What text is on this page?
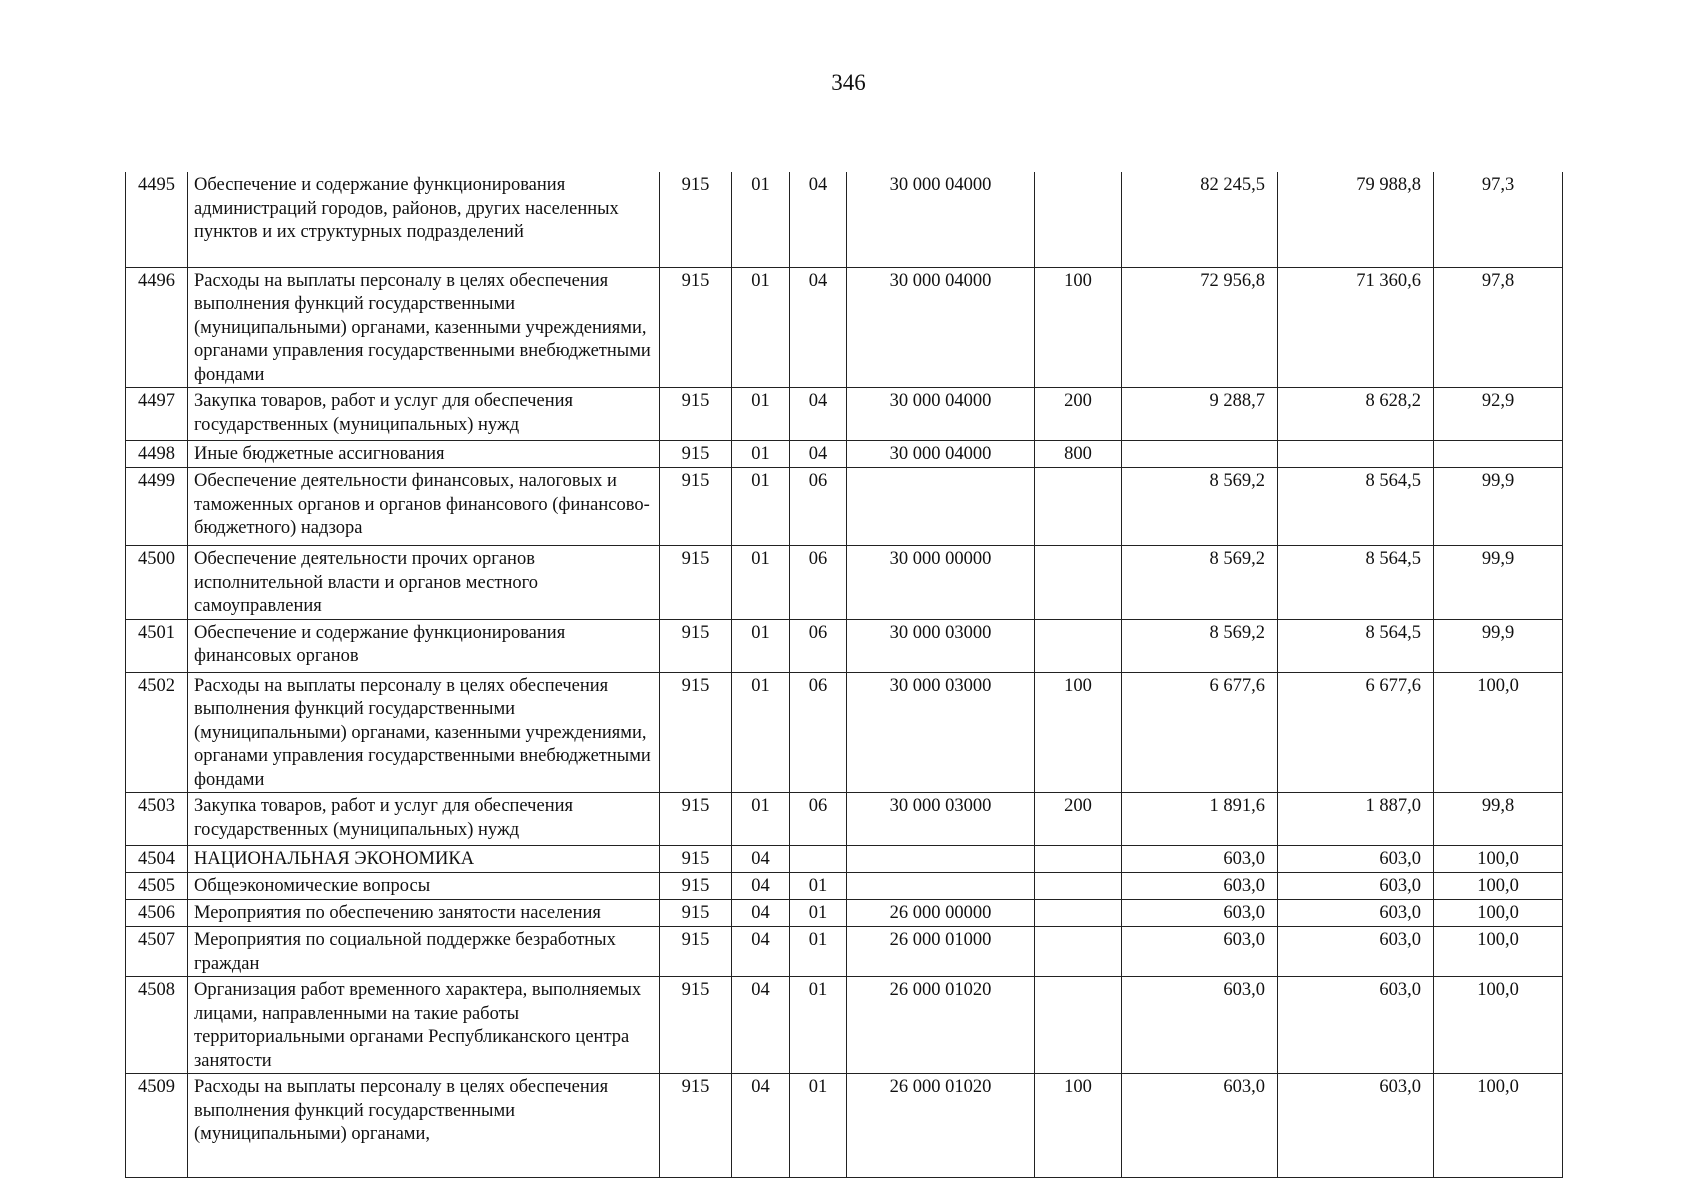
346
4495	Обеспечение и содержание функционирования администраций городов, районов, других населенных пунктов и их структурных подразделений	915	01	04	30 000 04000		82 245,5	79 988,8	97,3
4496	Расходы на выплаты персоналу в целях обеспечения выполнения функций государственными (муниципальными) органами, казенными учреждениями, органами управления государственными внебюджетными фондами	915	01	04	30 000 04000	100	72 956,8	71 360,6	97,8
4497	Закупка товаров, работ и услуг для обеспечения государственных (муниципальных) нужд	915	01	04	30 000 04000	200	9 288,7	8 628,2	92,9
4498	Иные бюджетные ассигнования	915	01	04	30 000 04000	800			
4499	Обеспечение деятельности финансовых, налоговых и таможенных органов и органов финансового (финансово-бюджетного) надзора	915	01	06			8 569,2	8 564,5	99,9
4500	Обеспечение деятельности прочих органов исполнительной власти и органов местного самоуправления	915	01	06	30 000 00000		8 569,2	8 564,5	99,9
4501	Обеспечение и содержание функционирования финансовых органов	915	01	06	30 000 03000		8 569,2	8 564,5	99,9
4502	Расходы на выплаты персоналу в целях обеспечения выполнения функций государственными (муниципальными) органами, казенными учреждениями, органами управления государственными внебюджетными фондами	915	01	06	30 000 03000	100	6 677,6	6 677,6	100,0
4503	Закупка товаров, работ и услуг для обеспечения государственных (муниципальных) нужд	915	01	06	30 000 03000	200	1 891,6	1 887,0	99,8
4504	НАЦИОНАЛЬНАЯ ЭКОНОМИКА	915	04				603,0	603,0	100,0
4505	Общеэкономические вопросы	915	04	01			603,0	603,0	100,0
4506	Мероприятия по обеспечению занятости населения	915	04	01	26 000 00000		603,0	603,0	100,0
4507	Мероприятия по социальной поддержке безработных граждан	915	04	01	26 000 01000		603,0	603,0	100,0
4508	Организация работ временного характера, выполняемых лицами, направленными на такие работы территориальными органами Республиканского центра занятости	915	04	01	26 000 01020		603,0	603,0	100,0
4509	Расходы на выплаты персоналу в целях обеспечения выполнения функций государственными (муниципальными) органами,	915	04	01	26 000 01020	100	603,0	603,0	100,0
